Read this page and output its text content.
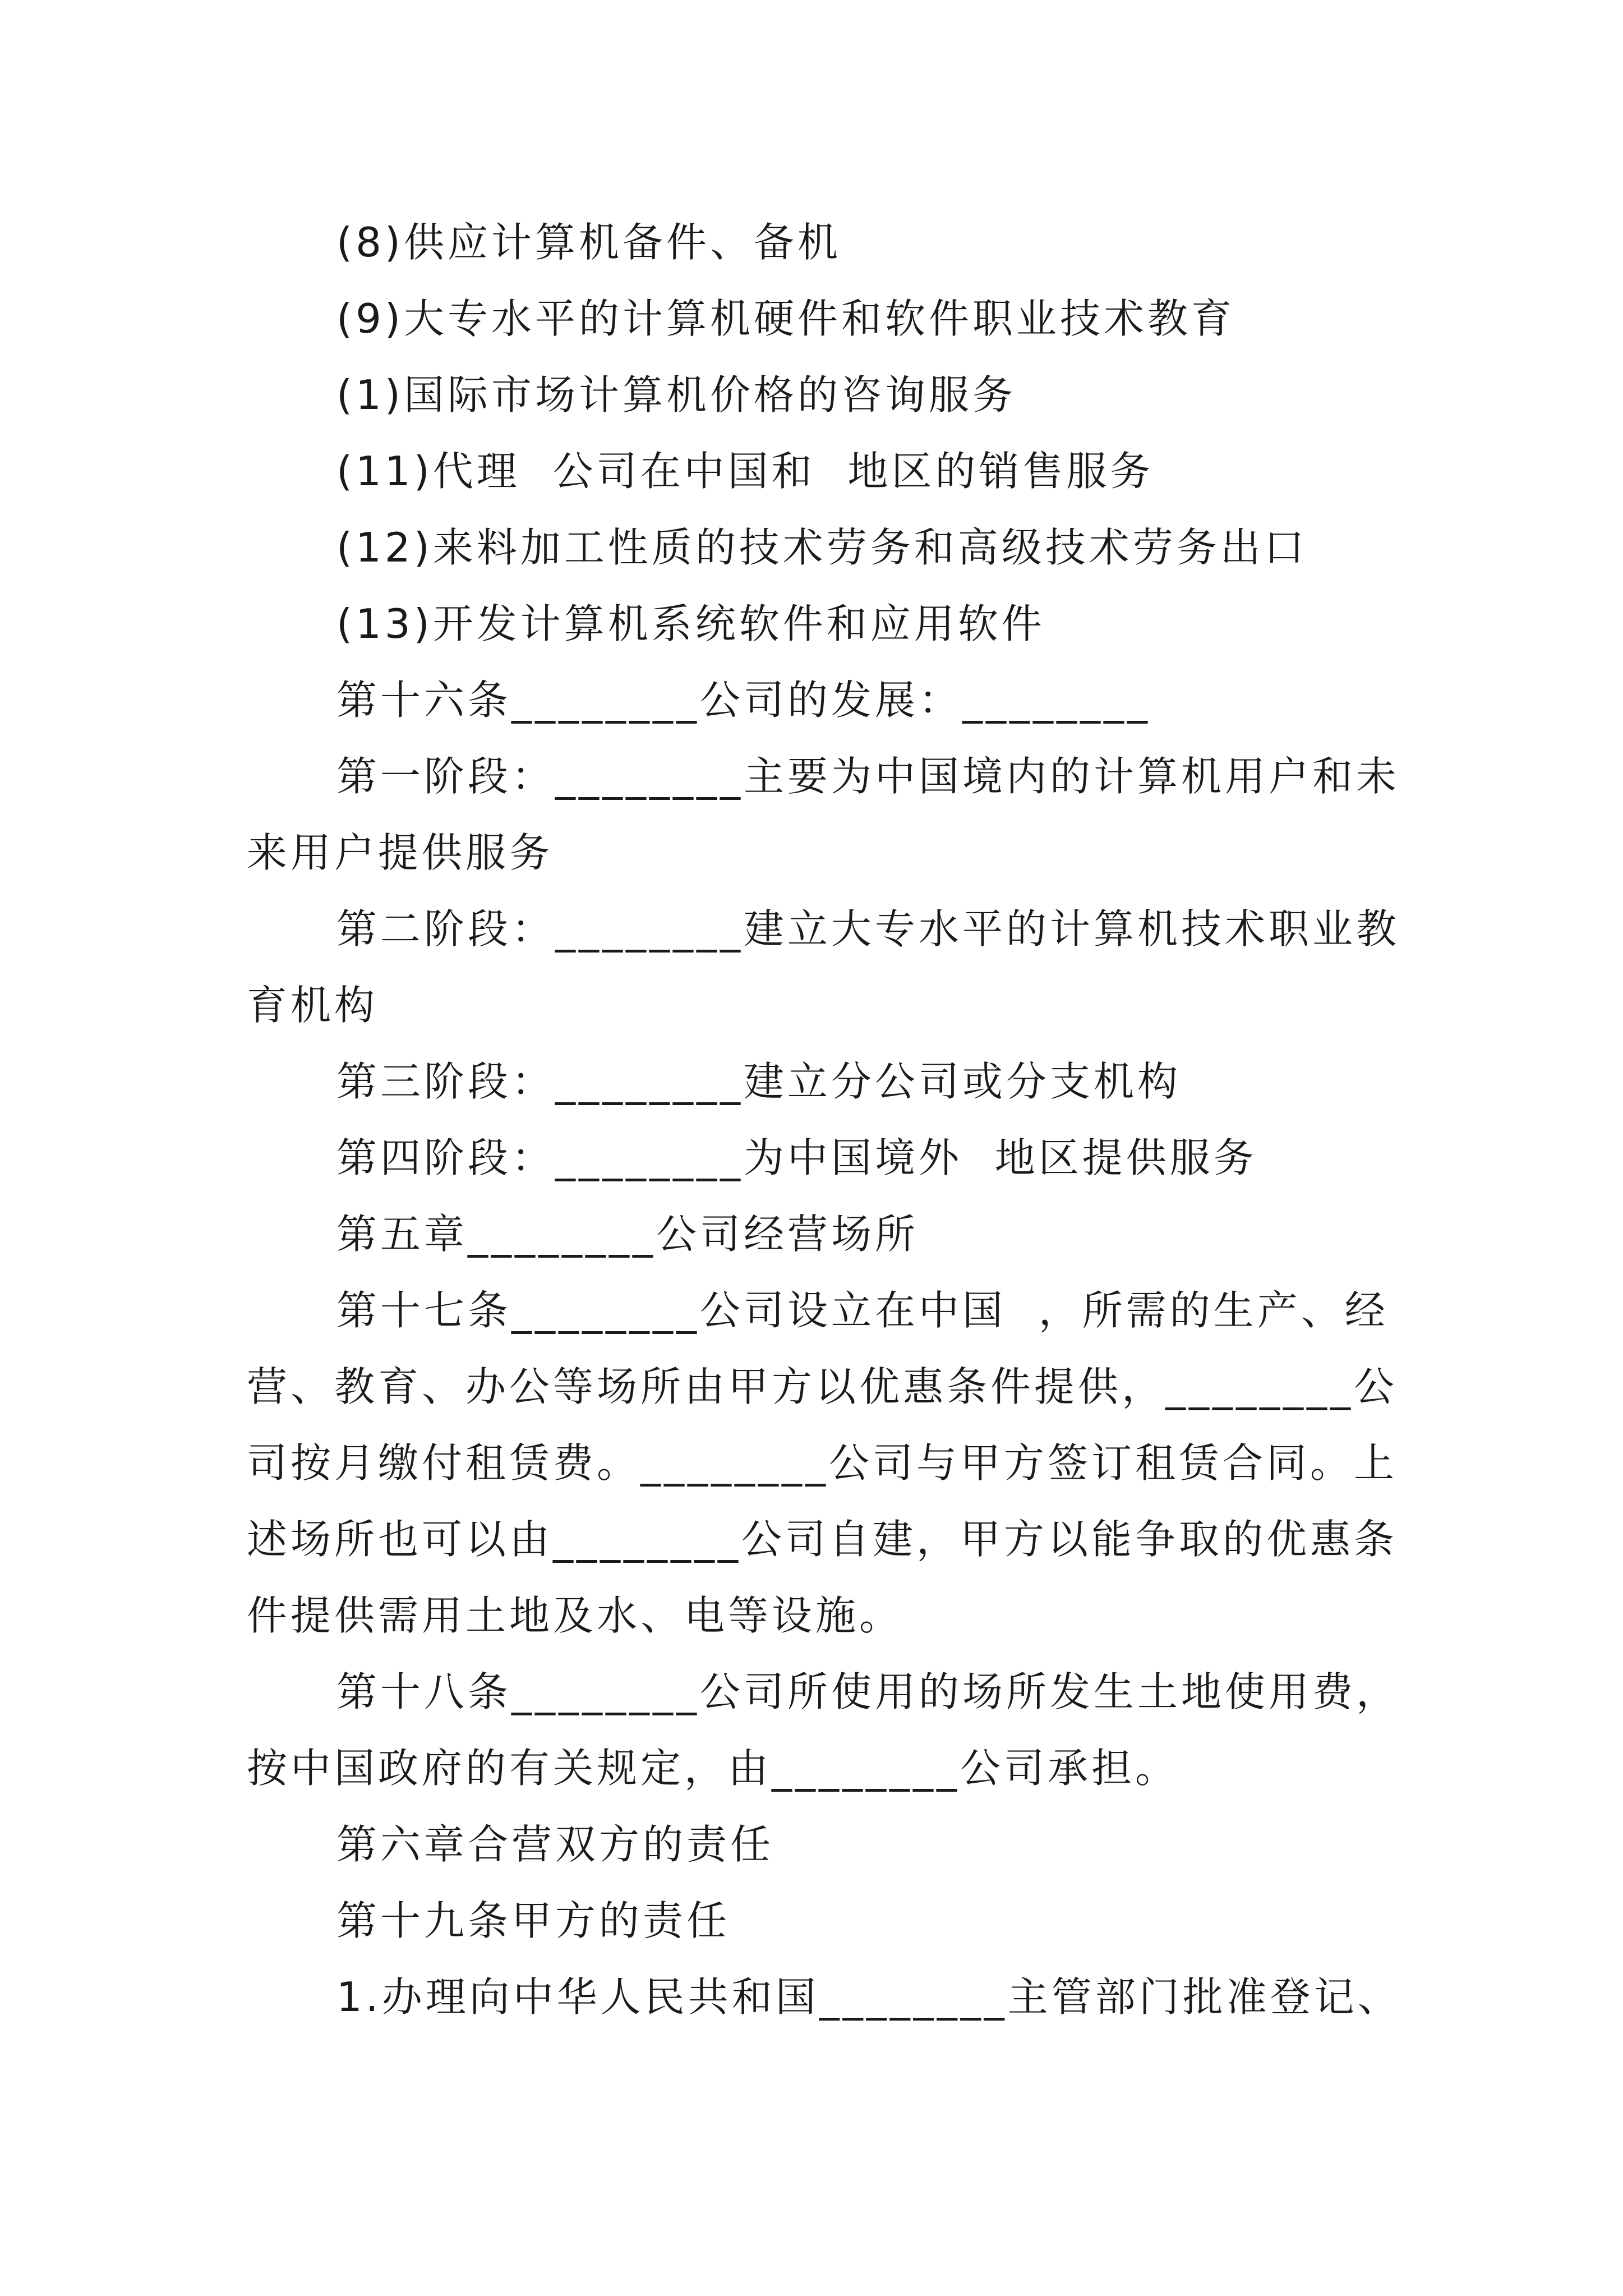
(8)供应计算机备件、备机
(9)大专水平的计算机硬件和软件职业技术教育
(1)国际市场计算机价格的咨询服务
(11)代理  公司在中国和  地区的销售服务
(12)来料加工性质的技术劳务和高级技术劳务出口
(13)开发计算机系统软件和应用软件
第十六条________公司的发展：________
第一阶段：________主要为中国境内的计算机用户和未
来用户提供服务
第二阶段：________建立大专水平的计算机技术职业教
育机构
第三阶段：________建立分公司或分支机构
第四阶段：________为中国境外  地区提供服务
第五章________公司经营场所
第十七条________公司设立在中国  ，所需的生产、经
营、教育、办公等场所由甲方以优惠条件提供，________公
司按月缴付租赁费。________公司与甲方签订租赁合同。上
述场所也可以由________公司自建，甲方以能争取的优惠条
件提供需用土地及水、电等设施。
第十八条________公司所使用的场所发生土地使用费，
按中国政府的有关规定，由________公司承担。
第六章合营双方的责任
第十九条甲方的责任
1.办理向中华人民共和国________主管部门批准登记、
